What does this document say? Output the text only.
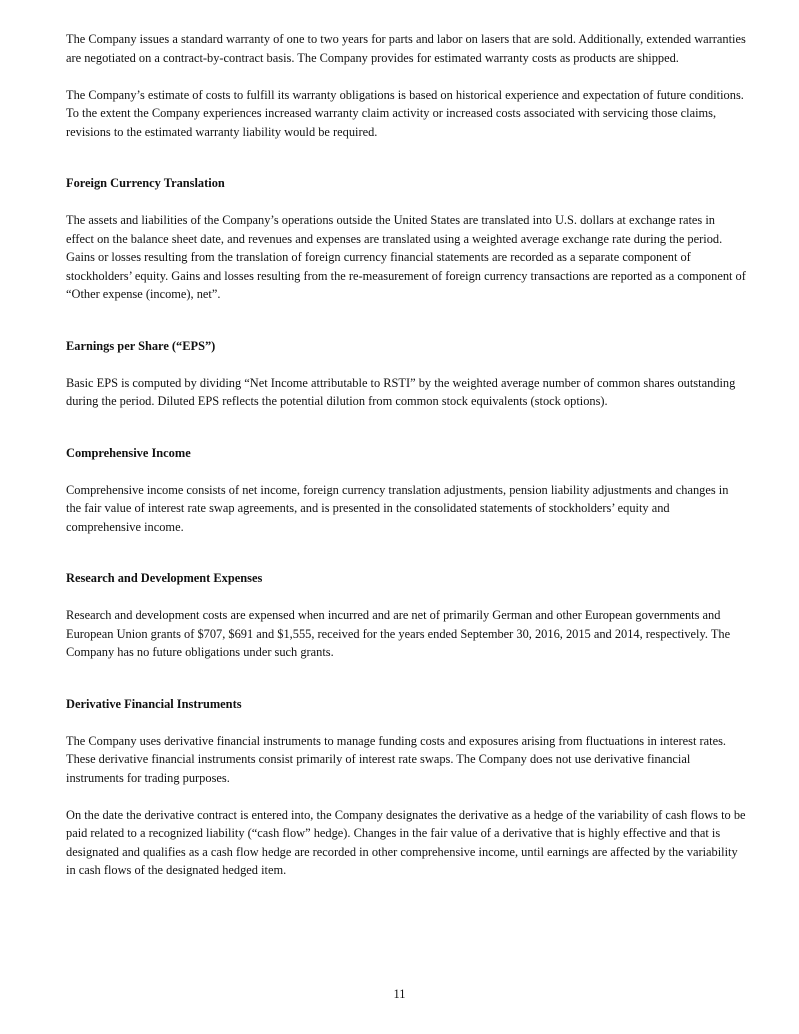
The Company issues a standard warranty of one to two years for parts and labor on lasers that are sold. Additionally, extended warranties are negotiated on a contract-by-contract basis. The Company provides for estimated warranty costs as products are shipped.

The Company’s estimate of costs to fulfill its warranty obligations is based on historical experience and expectation of future conditions. To the extent the Company experiences increased warranty claim activity or increased costs associated with servicing those claims, revisions to the estimated warranty liability would be required.

Foreign Currency Translation

The assets and liabilities of the Company’s operations outside the United States are translated into U.S. dollars at exchange rates in effect on the balance sheet date, and revenues and expenses are translated using a weighted average exchange rate during the period. Gains or losses resulting from the translation of foreign currency financial statements are recorded as a separate component of stockholders’ equity. Gains and losses resulting from the re-measurement of foreign currency transactions are reported as a component of “Other expense (income), net”.

Earnings per Share (“EPS”)

Basic EPS is computed by dividing “Net Income attributable to RSTI” by the weighted average number of common shares outstanding during the period. Diluted EPS reflects the potential dilution from common stock equivalents (stock options).

Comprehensive Income

Comprehensive income consists of net income, foreign currency translation adjustments, pension liability adjustments and changes in the fair value of interest rate swap agreements, and is presented in the consolidated statements of stockholders’ equity and comprehensive income.

Research and Development Expenses

Research and development costs are expensed when incurred and are net of primarily German and other European governments and European Union grants of $707, $691 and $1,555, received for the years ended September 30, 2016, 2015 and 2014, respectively. The Company has no future obligations under such grants.

Derivative Financial Instruments

The Company uses derivative financial instruments to manage funding costs and exposures arising from fluctuations in interest rates. These derivative financial instruments consist primarily of interest rate swaps. The Company does not use derivative financial instruments for trading purposes.

On the date the derivative contract is entered into, the Company designates the derivative as a hedge of the variability of cash flows to be paid related to a recognized liability (“cash flow” hedge). Changes in the fair value of a derivative that is highly effective and that is designated and qualifies as a cash flow hedge are recorded in other comprehensive income, until earnings are affected by the variability in cash flows of the designated hedged item.

11
